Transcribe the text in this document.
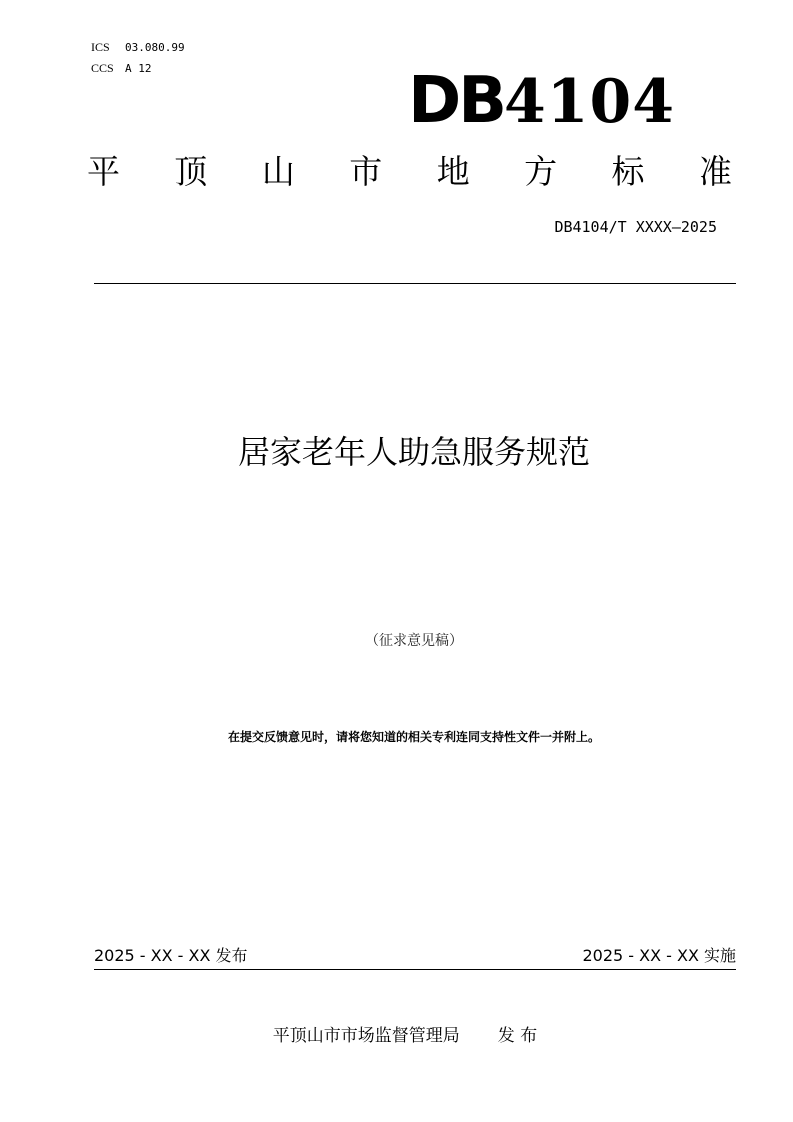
ICS 03.080.99
CCS A 12	DB4104
平 顶 山 市 地 方 标 准
DB4104/T XXXX—2025
居家老年人助急服务规范
（征求意见稿）
在提交反馈意见时，请将您知道的相关专利连同支持性文件一并附上。
2025 - XX - XX 发布	2025 - XX - XX 实施
平顶山市市场监督管理局 发 布
